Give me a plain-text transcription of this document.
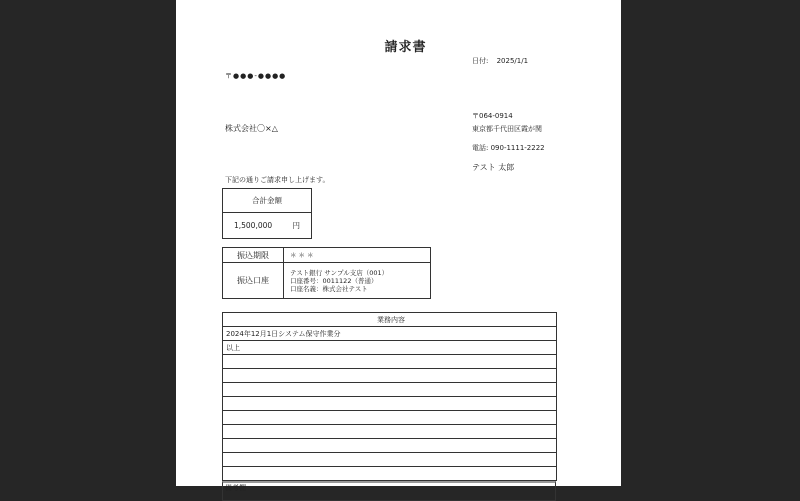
請求書
日付: 2025/1/1
〒●●●-●●●●
株式会社〇×△
〒064-0914
東京都千代田区霞が関
電話: 090-1111-2222
テスト 太郎
下記の通りご請求申し上げます。
合計金額
1,500,000	円
振込期限	＊＊＊
振込口座	テスト銀行 サンプル支店（001）
口座番号：0011122（普通）
口座名義：株式会社テスト
業務内容
2024年12月1日システム保守作業分
以上

備考欄
